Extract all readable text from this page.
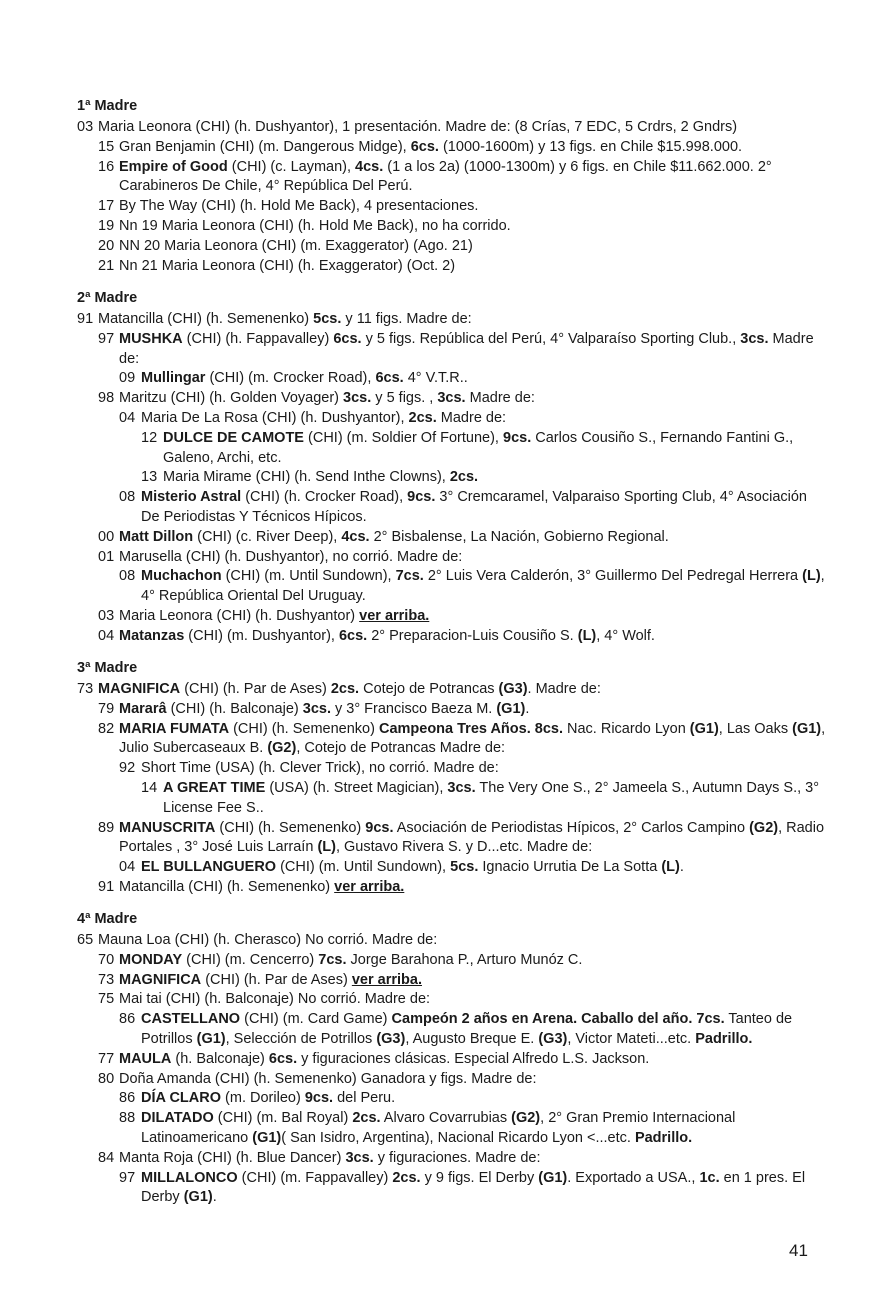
1ª Madre
03 Maria Leonora (CHI) (h. Dushyantor), 1 presentación. Madre de: (8 Crías, 7 EDC, 5 Crdrs, 2 Gndrs)
15 Gran Benjamin (CHI) (m. Dangerous Midge), 6cs. (1000-1600m) y 13 figs. en Chile $15.998.000.
16 Empire of Good (CHI) (c. Layman), 4cs. (1 a los 2a) (1000-1300m) y 6 figs. en Chile $11.662.000. 2° Carabineros De Chile, 4° República Del Perú.
17 By The Way (CHI) (h. Hold Me Back), 4 presentaciones.
19 Nn 19 Maria Leonora (CHI) (h. Hold Me Back), no ha corrido.
20 NN 20 Maria Leonora (CHI) (m. Exaggerator) (Ago. 21)
21 Nn 21 Maria Leonora (CHI) (h. Exaggerator) (Oct. 2)
2ª Madre
91 Matancilla (CHI) (h. Semenenko) 5cs. y 11 figs. Madre de:
97 MUSHKA (CHI) (h. Fappavalley) 6cs. y 5 figs. República del Perú, 4° Valparaíso Sporting Club., 3cs. Madre de:
09 Mullingar (CHI) (m. Crocker Road), 6cs. 4° V.T.R..
98 Maritzu (CHI) (h. Golden Voyager) 3cs. y 5 figs. , 3cs. Madre de:
04 Maria De La Rosa (CHI) (h. Dushyantor), 2cs. Madre de:
12 DULCE DE CAMOTE (CHI) (m. Soldier Of Fortune), 9cs. Carlos Cousiño S., Fernando Fantini G., Galeno, Archi, etc.
13 Maria Mirame (CHI) (h. Send Inthe Clowns), 2cs.
08 Misterio Astral (CHI) (h. Crocker Road), 9cs. 3° Cremcaramel, Valparaiso Sporting Club, 4° Asociación De Periodistas Y Técnicos Hípicos.
00 Matt Dillon (CHI) (c. River Deep), 4cs. 2° Bisbalense, La Nación, Gobierno Regional.
01 Marusella (CHI) (h. Dushyantor), no corrió. Madre de:
08 Muchachon (CHI) (m. Until Sundown), 7cs. 2° Luis Vera Calderón, 3° Guillermo Del Pedregal Herrera (L), 4° República Oriental Del Uruguay.
03 Maria Leonora (CHI) (h. Dushyantor) ver arriba.
04 Matanzas (CHI) (m. Dushyantor), 6cs. 2° Preparacion-Luis Cousiño S. (L), 4° Wolf.
3ª Madre
73 MAGNIFICA (CHI) (h. Par de Ases) 2cs. Cotejo de Potrancas (G3). Madre de:
79 Mararâ (CHI) (h. Balconaje) 3cs. y 3° Francisco Baeza M. (G1).
82 MARIA FUMATA (CHI) (h. Semenenko) Campeona Tres Años. 8cs. Nac. Ricardo Lyon (G1), Las Oaks (G1), Julio Subercaseaux B. (G2), Cotejo de Potrancas Madre de:
92 Short Time (USA) (h. Clever Trick), no corrió. Madre de:
14 A GREAT TIME (USA) (h. Street Magician), 3cs. The Very One S., 2° Jameela S., Autumn Days S., 3° License Fee S..
89 MANUSCRITA (CHI) (h. Semenenko) 9cs. Asociación de Periodistas Hípicos, 2° Carlos Campino (G2), Radio Portales , 3° José Luis Larraín (L), Gustavo Rivera S. y D...etc. Madre de:
04 EL BULLANGUERO (CHI) (m. Until Sundown), 5cs. Ignacio Urrutia De La Sotta (L).
91 Matancilla (CHI) (h. Semenenko) ver arriba.
4ª Madre
65 Mauna Loa (CHI) (h. Cherasco) No corrió. Madre de:
70 MONDAY (CHI) (m. Cencerro) 7cs. Jorge Barahona P., Arturo Munóz C.
73 MAGNIFICA (CHI) (h. Par de Ases) ver arriba.
75 Mai tai (CHI) (h. Balconaje) No corrió. Madre de:
86 CASTELLANO (CHI) (m. Card Game) Campeón 2 años en Arena. Caballo del año. 7cs. Tanteo de Potrillos (G1), Selección de Potrillos (G3), Augusto Breque E. (G3), Victor Mateti...etc. Padrillo.
77 MAULA (h. Balconaje) 6cs. y figuraciones clásicas. Especial Alfredo L.S. Jackson.
80 Doña Amanda (CHI) (h. Semenenko) Ganadora y figs. Madre de:
86 DÍA CLARO (m. Dorileo) 9cs. del Peru.
88 DILATADO (CHI) (m. Bal Royal) 2cs. Alvaro Covarrubias (G2), 2° Gran Premio Internacional Latinoamericano (G1)( San Isidro, Argentina), Nacional Ricardo Lyon <...etc. Padrillo.
84 Manta Roja (CHI) (h. Blue Dancer) 3cs. y figuraciones. Madre de:
97 MILLALONCO (CHI) (m. Fappavalley) 2cs. y 9 figs. El Derby (G1). Exportado a USA., 1c. en 1 pres. El Derby (G1).
41
